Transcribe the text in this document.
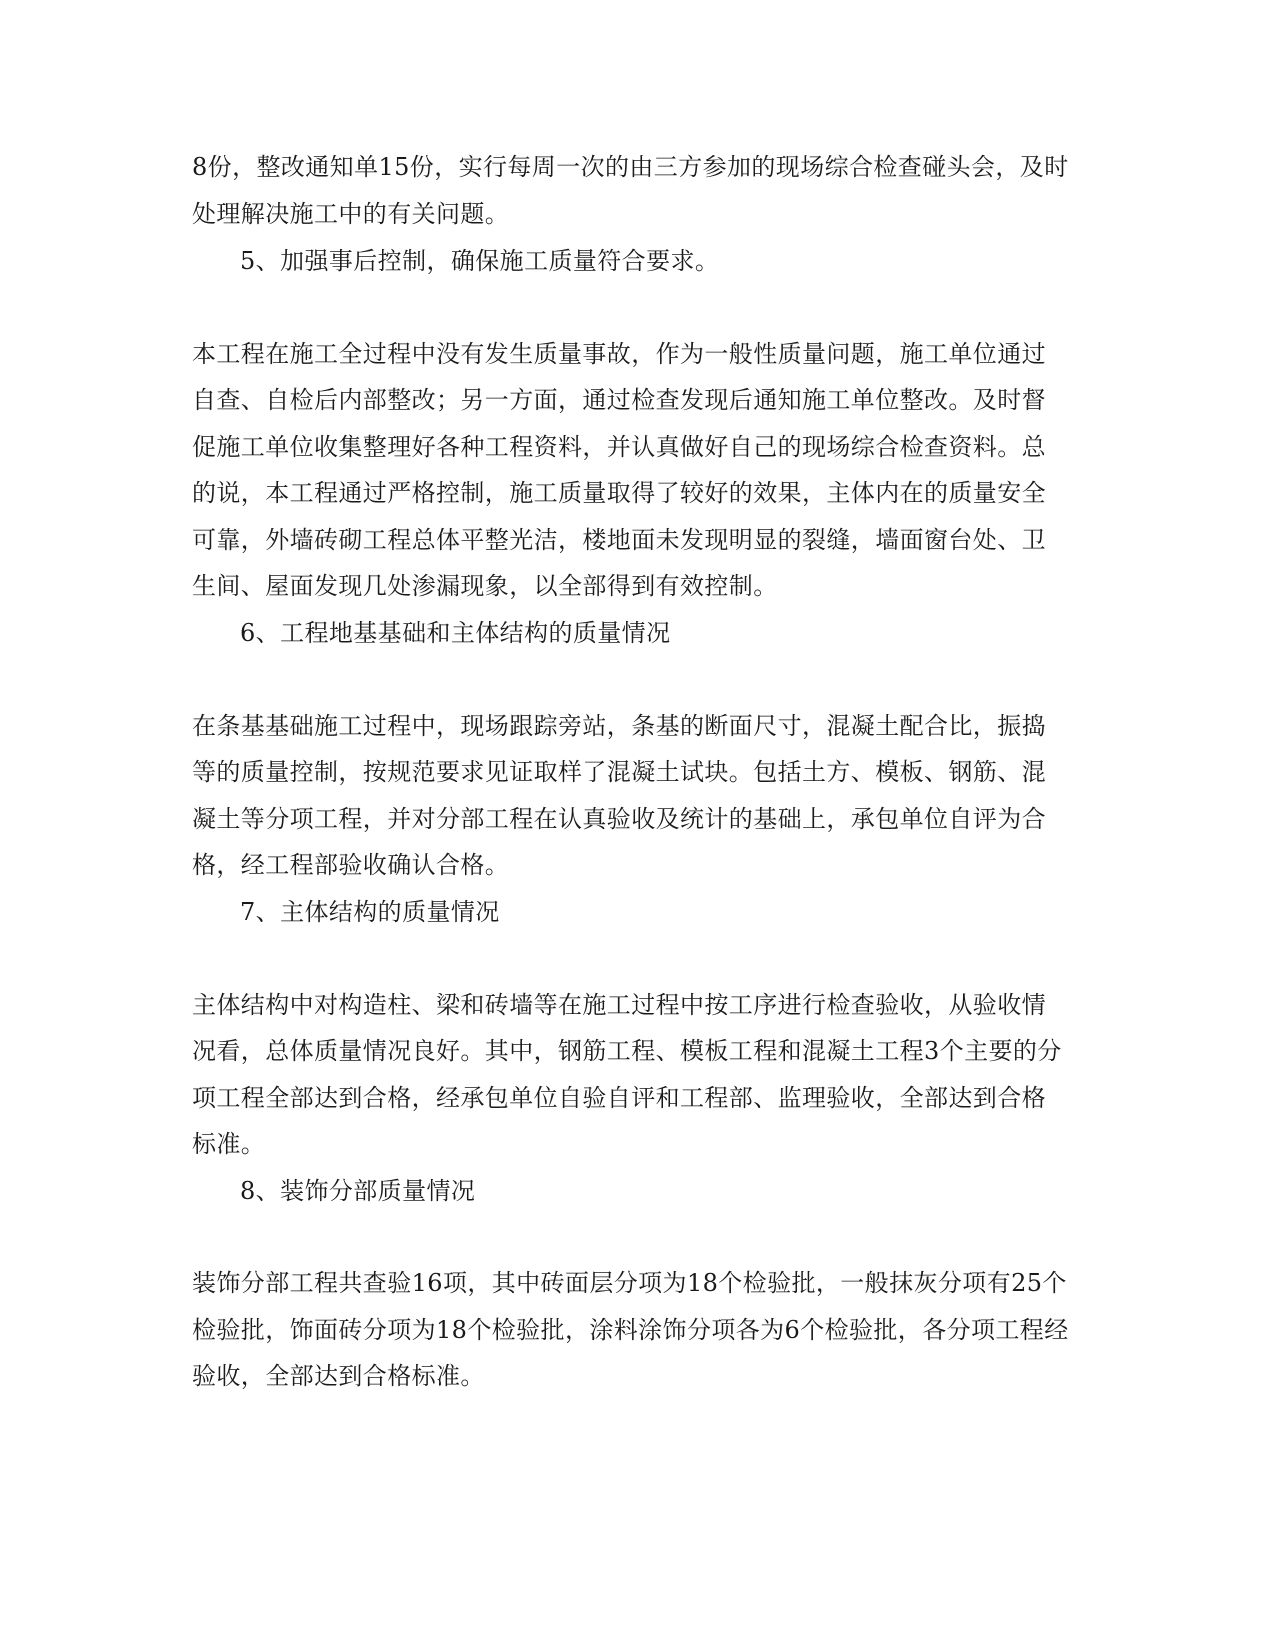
8份，整改通知单15份，实行每周一次的由三方参加的现场综合检查碰头会，及时
处理解决施工中的有关问题。
5、加强事后控制，确保施工质量符合要求。
本工程在施工全过程中没有发生质量事故，作为一般性质量问题，施工单位通过
自查、自检后内部整改；另一方面，通过检查发现后通知施工单位整改。及时督
促施工单位收集整理好各种工程资料，并认真做好自己的现场综合检查资料。总
的说，本工程通过严格控制，施工质量取得了较好的效果，主体内在的质量安全
可靠，外墙砖砌工程总体平整光洁，楼地面未发现明显的裂缝，墙面窗台处、卫
生间、屋面发现几处渗漏现象，以全部得到有效控制。
6、工程地基基础和主体结构的质量情况
在条基基础施工过程中，现场跟踪旁站，条基的断面尺寸，混凝土配合比，振捣
等的质量控制，按规范要求见证取样了混凝土试块。包括土方、模板、钢筋、混
凝土等分项工程，并对分部工程在认真验收及统计的基础上，承包单位自评为合
格，经工程部验收确认合格。
7、主体结构的质量情况
主体结构中对构造柱、梁和砖墙等在施工过程中按工序进行检查验收，从验收情
况看，总体质量情况良好。其中，钢筋工程、模板工程和混凝土工程3个主要的分
项工程全部达到合格，经承包单位自验自评和工程部、监理验收，全部达到合格
标准。
8、装饰分部质量情况
装饰分部工程共查验16项，其中砖面层分项为18个检验批，一般抹灰分项有25个
检验批，饰面砖分项为18个检验批，涂料涂饰分项各为6个检验批，各分项工程经
验收，全部达到合格标准。
